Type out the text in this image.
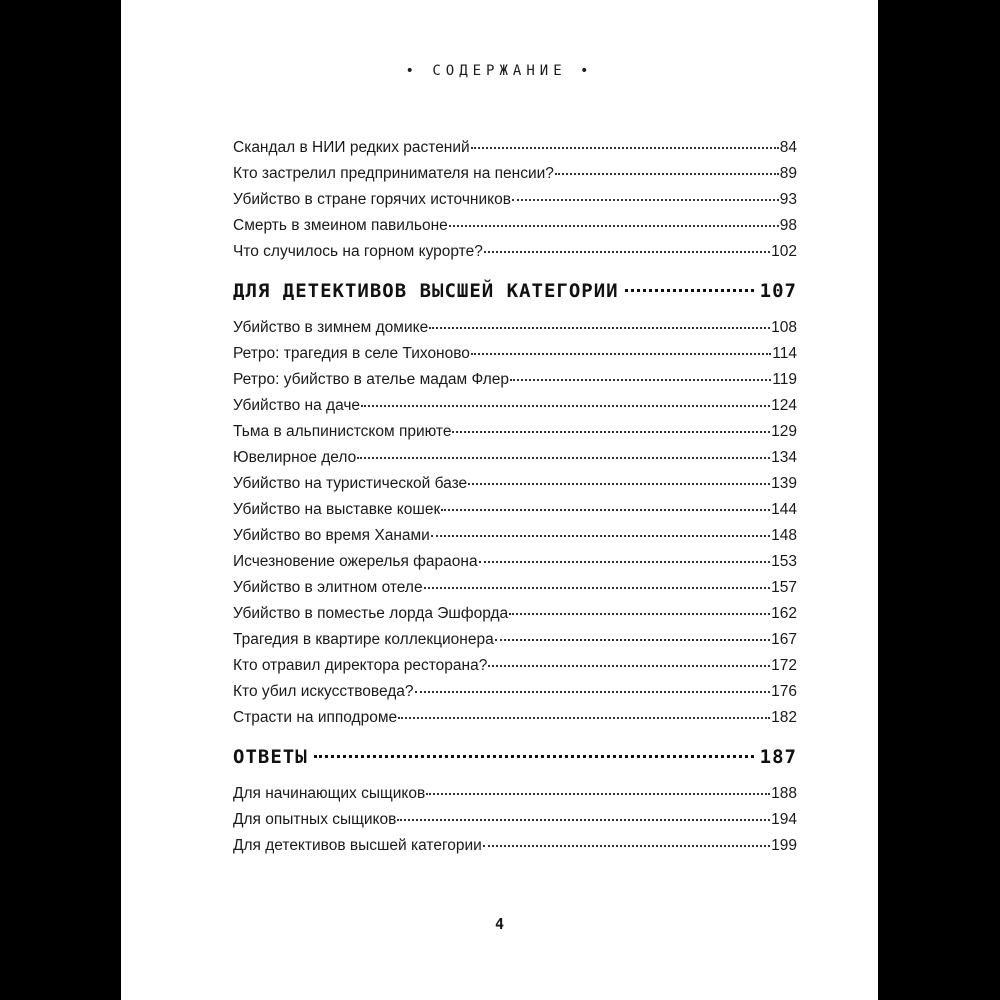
• СОДЕРЖАНИЕ •
Скандал в НИИ редких растений	84
Кто застрелил предпринимателя на пенсии?	89
Убийство в стране горячих источников	93
Смерть в змеином павильоне	98
Что случилось на горном курорте?	102
ДЛЯ ДЕТЕКТИВОВ ВЫСШЕЙ КАТЕГОРИИ	107
Убийство в зимнем домике	108
Ретро: трагедия в селе Тихоново	114
Ретро: убийство в ателье мадам Флер	119
Убийство на даче	124
Тьма в альпинистском приюте	129
Ювелирное дело	134
Убийство на туристической базе	139
Убийство на выставке кошек	144
Убийство во время Ханами	148
Исчезновение ожерелья фараона	153
Убийство в элитном отеле	157
Убийство в поместье лорда Эшфорда	162
Трагедия в квартире коллекционера	167
Кто отравил директора ресторана?	172
Кто убил искусствоведа?	176
Страсти на ипподроме	182
ОТВЕТЫ	187
Для начинающих сыщиков	188
Для опытных сыщиков	194
Для детективов высшей категории	199
4
